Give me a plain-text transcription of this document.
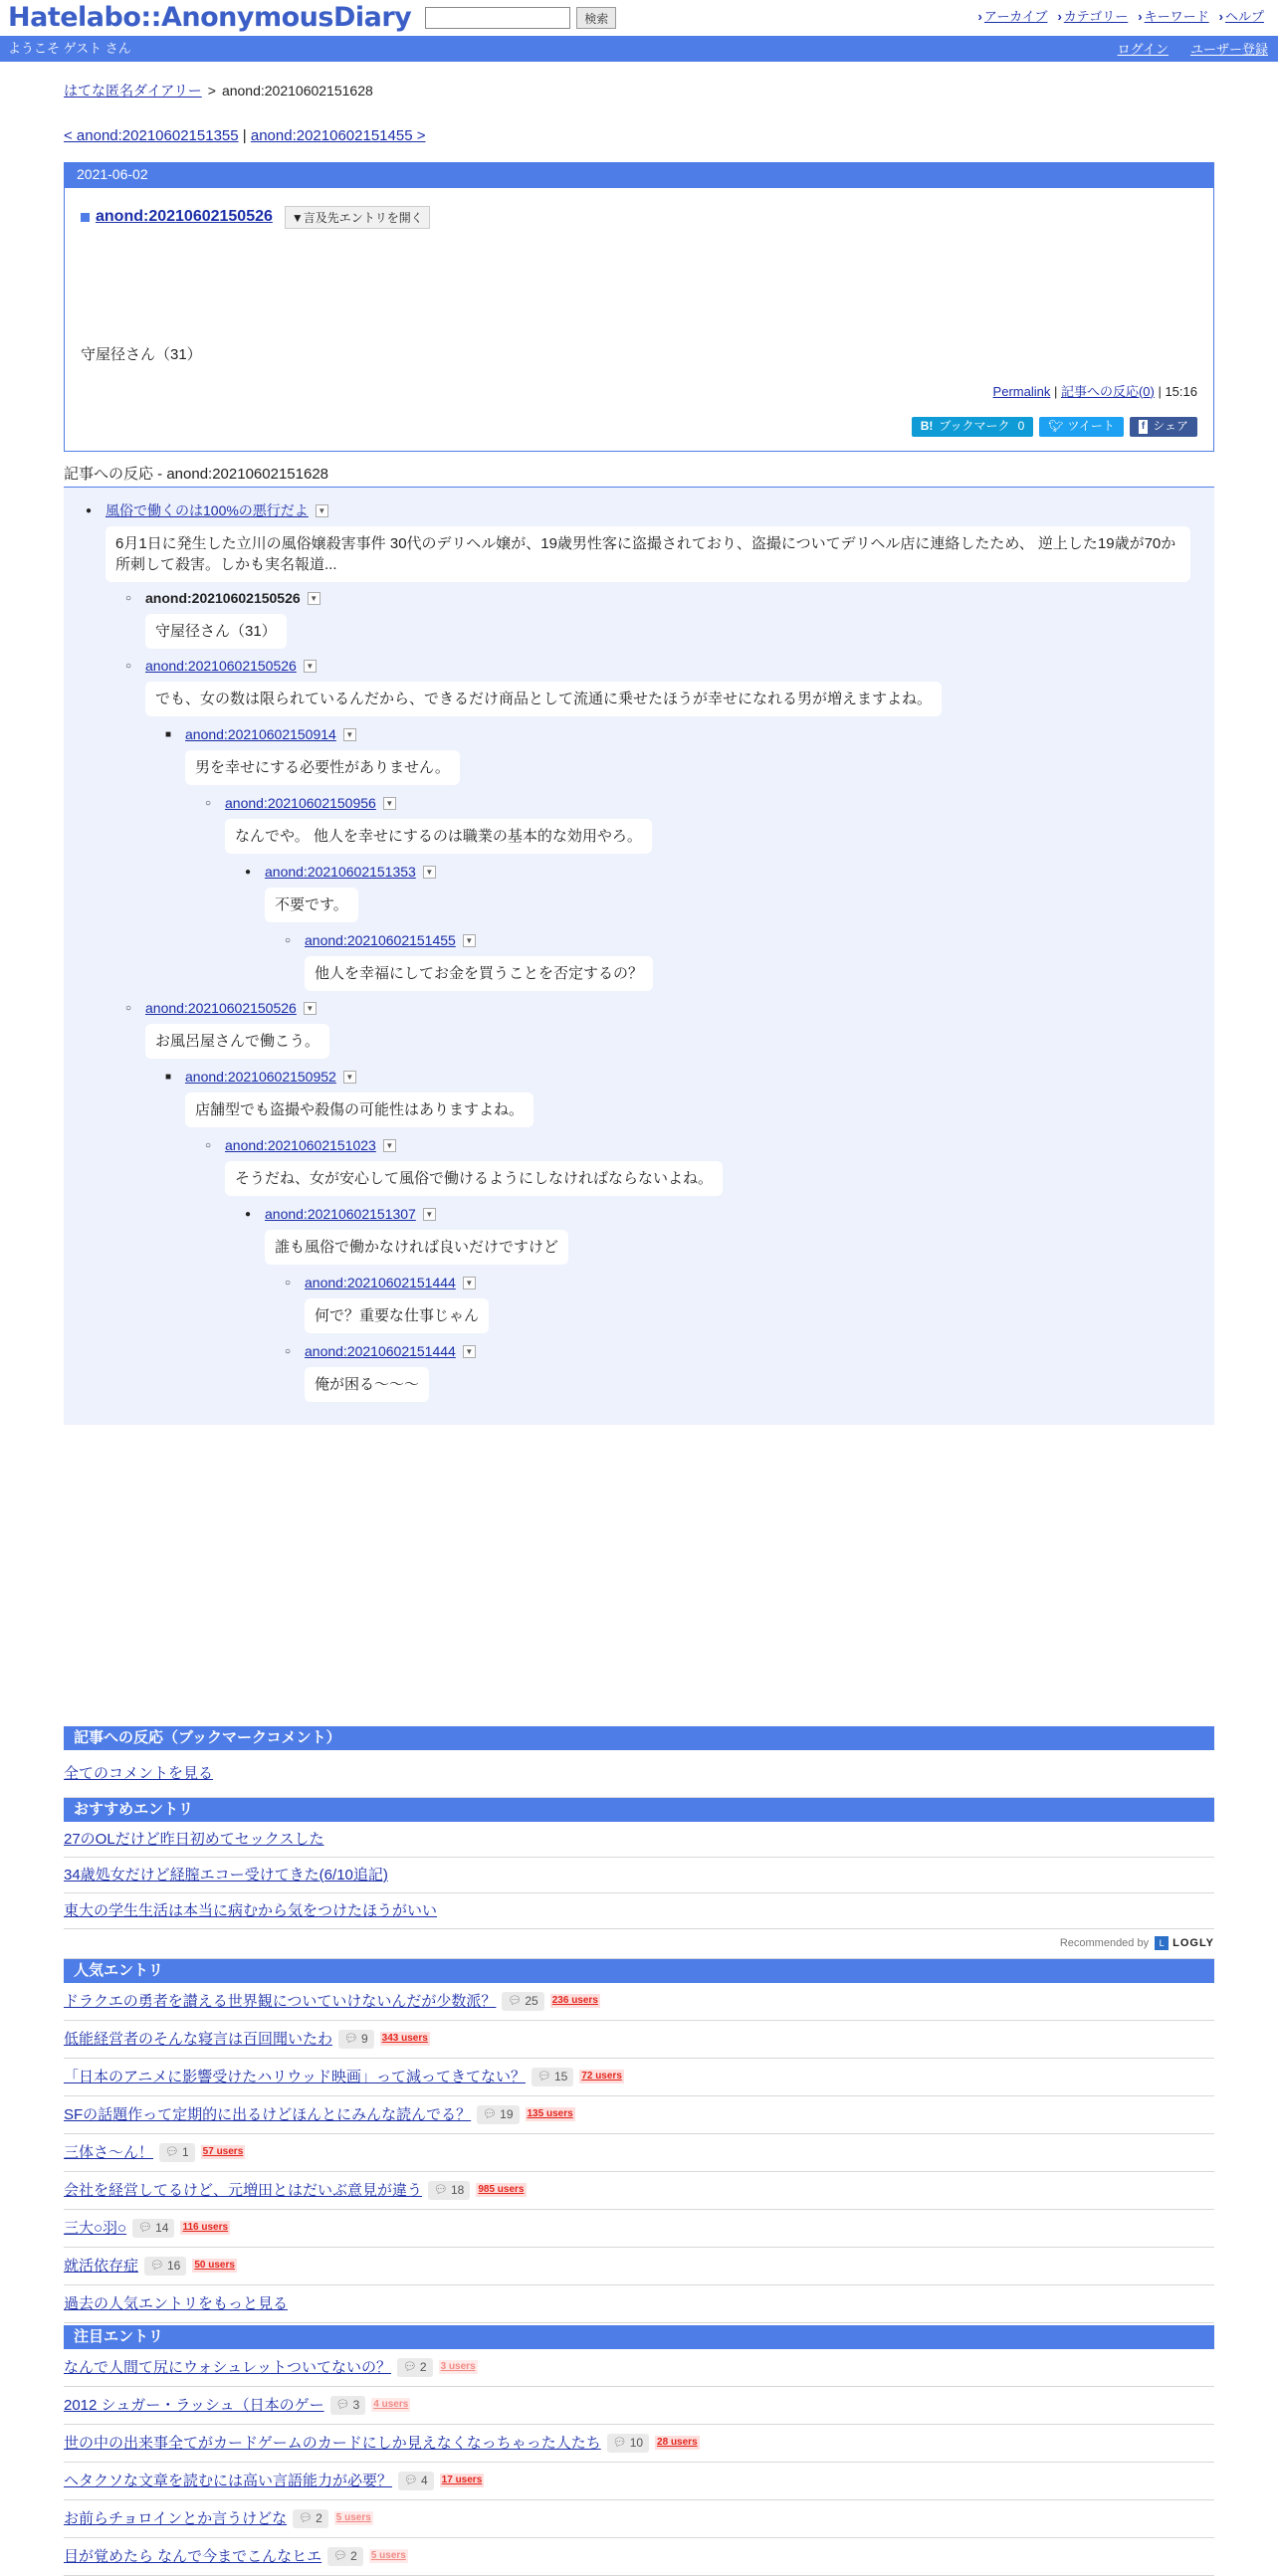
Hatelabo::AnonymousDiary	検索	› アーカイブ	› カテゴリー	› キーワード	› ヘルプ
ようこそ ゲスト さん	ログイン ユーザー登録
はてな匿名ダイアリー > anond:20210602151628
< anond:20210602151355 | anond:20210602151455 >
2021-06-02
anond:20210602150526	▼言及先エントリを開く
守屋径さん（31）
Permalink | 記事への反応(0) | 15:16
B! ブックマーク 0 🐦︎ ツイート	f シェア
記事への反応 - anond:20210602151628
● 風俗で働くのは100%の悪行だよ	▼
6月1日に発生した立川の風俗嬢殺害事件 30代のデリヘル嬢が、19歳男性客に盗撮されており、盗撮についてデリヘル店に連絡したため、 逆上した19歳が70か所刺して殺害。しかも実名報道...
○ anond:20210602150526	▼
守屋径さん（31）
○ anond:20210602150526	▼
でも、女の数は限られているんだから、できるだけ商品として流通に乗せたほうが幸せになれる男が増えますよね。
■ anond:20210602150914	▼
男を幸せにする必要性がありません。
○ anond:20210602150956	▼
なんでや。 他人を幸せにするのは職業の基本的な効用やろ。
● anond:20210602151353	▼
不要です。
○ anond:20210602151455	▼
他人を幸福にしてお金を買うことを否定するの？
○ anond:20210602150526	▼
お風呂屋さんで働こう。
■ anond:20210602150952	▼
店舗型でも盗撮や殺傷の可能性はありますよね。
○ anond:20210602151023	▼
そうだね、女が安心して風俗で働けるようにしなければならないよね。
● anond:20210602151307	▼
誰も風俗で働かなければ良いだけですけど
○ anond:20210602151444	▼
何で？重要な仕事じゃん
○ anond:20210602151444	▼
俺が困る～～～
記事への反応（ブックマークコメント）
全てのコメントを見る
おすすめエントリ
27のOLだけど昨日初めてセックスした
34歳処女だけど経膣エコー受けてきた(6/10追記)
東大の学生生活は本当に病むから気をつけたほうがいい
Recommended by	L LOGLY
人気エントリ
ドラクエの勇者を讃える世界観についていけないんだが少数派？ 💬︎ 25 236 users
低能経営者のそんな寝言は百回聞いたわ 💬︎ 9 343 users
「日本のアニメに影響受けたハリウッド映画」って減ってきてない？ 💬︎ 15 72 users
SFの話題作って定期的に出るけどほんとにみんな読んでる？ 💬︎ 19 135 users
三体さ～ん！ 💬︎ 1 57 users
会社を経営してるけど、元増田とはだいぶ意見が違う 💬︎ 18 985 users
三大○羽○ 💬︎ 14 116 users
就活依存症 💬︎ 16 50 users
過去の人気エントリをもっと見る
注目エントリ
なんで人間て尻にウォシュレットついてないの？ 💬︎ 2 3 users
2012 シュガー・ラッシュ（日本のゲー 💬︎ 3 4 users
世の中の出来事全てがカードゲームのカードにしか見えなくなっちゃった人たち 💬︎ 10 28 users
ヘタクソな文章を読むには高い言語能力が必要？ 💬︎ 4 17 users
お前らチョロインとか言うけどな 💬︎ 2 5 users
目が覚めたら なんで今までこんなヒエ 💬︎ 2 5 users
